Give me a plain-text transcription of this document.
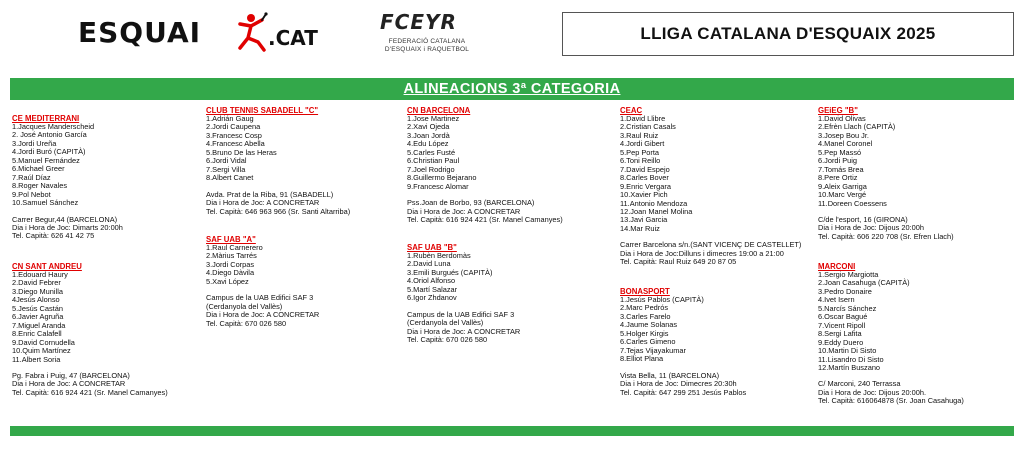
ESQUAI	.CAT
FCEYR
FEDERACIÓ CATALANA
D'ESQUAIX i RAQUETBOL
LLIGA CATALANA D'ESQUAIX 2025
ALINEACIONS 3ª CATEGORIA
CE MEDITERRANI
1.Jacques Manderscheid
2. José Antonio García
3.Jordi Ureña
4.Jordi Buró (CAPITÀ)
5.Manuel Fernández
6.Michael Greer
7.Raúl Díaz
8.Roger Navales
9.Pol Nebot
10.Samuel Sánchez
Carrer Begur,44 (BARCELONA)
Dia i Hora de Joc: Dimarts 20:00h
Tel. Capità: 626 41 42 75
CN SANT ANDREU
1.Edouard Haury
2.David Febrer
3.Diego Munilla
4Jesús Alonso
5.Jesús Castán
6.Javier Agruña
7.Miguel Aranda
8.Enric Calafell
9.David Cornudella
10.Quim Martínez
11.Albert Soria
Pg. Fabra i Puig, 47 (BARCELONA)
Dia i Hora de Joc: A CONCRETAR
Tel. Capità: 616 924 421 (Sr. Manel Camanyes)
CLUB TENNIS SABADELL "C"
1.Adrián Gaug
2.Jordi Caupena
3.Francesc Cosp
4.Francesc Abella
5.Bruno De las Heras
6.Jordi Vidal
7.Sergi Villa
8.Albert Canet
Avda. Prat de la Riba, 91 (SABADELL)
Dia i Hora de Joc: A CONCRETAR
Tel. Capità: 646 963 966 (Sr. Santi Altarriba)
SAF UAB "A"
1.Raul Carnerero
2.Màrius Tarrés
3.Jordi Corpas
4.Diego Dàvila
5.Xavi López
Campus de la UAB Edifici SAF 3
(Cerdanyola del Vallès)
Dia i Hora de Joc: A CONCRETAR
Tel. Capità: 670 026 580
CN BARCELONA
1.Jose Martinez
2.Xavi Ojeda
3.Joan Jordà
4.Edu López
5.Carles Fusté
6.Christian Paul
7.Joel Rodrigo
8.Guillermo Bejarano
9.Francesc Alomar
Pss.Joan de Borbo, 93 (BARCELONA)
Dia i Hora de Joc: A CONCRETAR
Tel. Capità: 616 924 421 (Sr. Manel Camanyes)
SAF UAB "B"
1.Rubèn Berdomàs
2.David Luna
3.Emili Burgués (CAPITÀ)
4.Oriol Alfonso
5.Martí Salazar
6.Igor Zhdanov
Campus de la UAB Edifici SAF 3
(Cerdanyola del Vallès)
Dia i Hora de Joc: A CONCRETAR
Tel. Capità: 670 026 580
CEAC
1.David Llibre
2.Cristian Casals
3.Raul Ruiz
4.Jordi Gibert
5.Pep Porta
6.Toni Reillo
7.David Espejo
8.Carles Bover
9.Enric Vergara
10.Xavier Pich
11.Antonio Mendoza
12.Joan Manel Molina
13.Javi Garcia
14.Mar Ruiz
Carrer Barcelona s/n.(SANT VICENÇ DE CASTELLET)
Dia i Hora de Joc:Dilluns i dimecres 19:00 a 21:00
Tel. Capità: Raul Ruiz 649 20 87 05
BONASPORT
1.Jesús Pablos (CAPITÀ)
2.Marc Pedrós
3.Carles Farelo
4.Jaume Solanas
5.Holger Kirgis
6.Carles Gimeno
7.Tejas Vijayakumar
8.Elliot Plana
Vista Bella, 11 (BARCELONA)
Dia i Hora de Joc: Dimecres 20:30h
Tel. Capità: 647 299 251 Jesús Pablos
GEiEG "B"
1.David Olivas
2.Efrèn Llach (CAPITÀ)
3.Josep Bou Jr.
4.Manel Coronel
5.Pep Massó
6.Jordi Puig
7.Tomás Brea
8.Pere Ortiz
9.Aleix Garriga
10.Marc Vergé
11.Doreen Coessens
C/de l'esport, 16 (GIRONA)
Dia i Hora de Joc: Dijous 20:00h
Tel. Capità: 606 220 708 (Sr. Efren Llach)
MARCONI
1.Sergio Margiotta
2.Joan Casahuga (CAPITÀ)
3.Pedro Donaire
4.Ivet Isern
5.Narcís Sánchez
6.Oscar Bagué
7.Vicent Ripoll
8.Sergi Lafita
9.Eddy Duero
10.Martin Di Sisto
11.Lisandro Di Sisto
12.Martín Buszano
C/ Marconi, 240 Terrassa
Dia i Hora de Joc: Dijous 20:00h.
Tel. Capità: 616064878 (Sr. Joan Casahuga)
